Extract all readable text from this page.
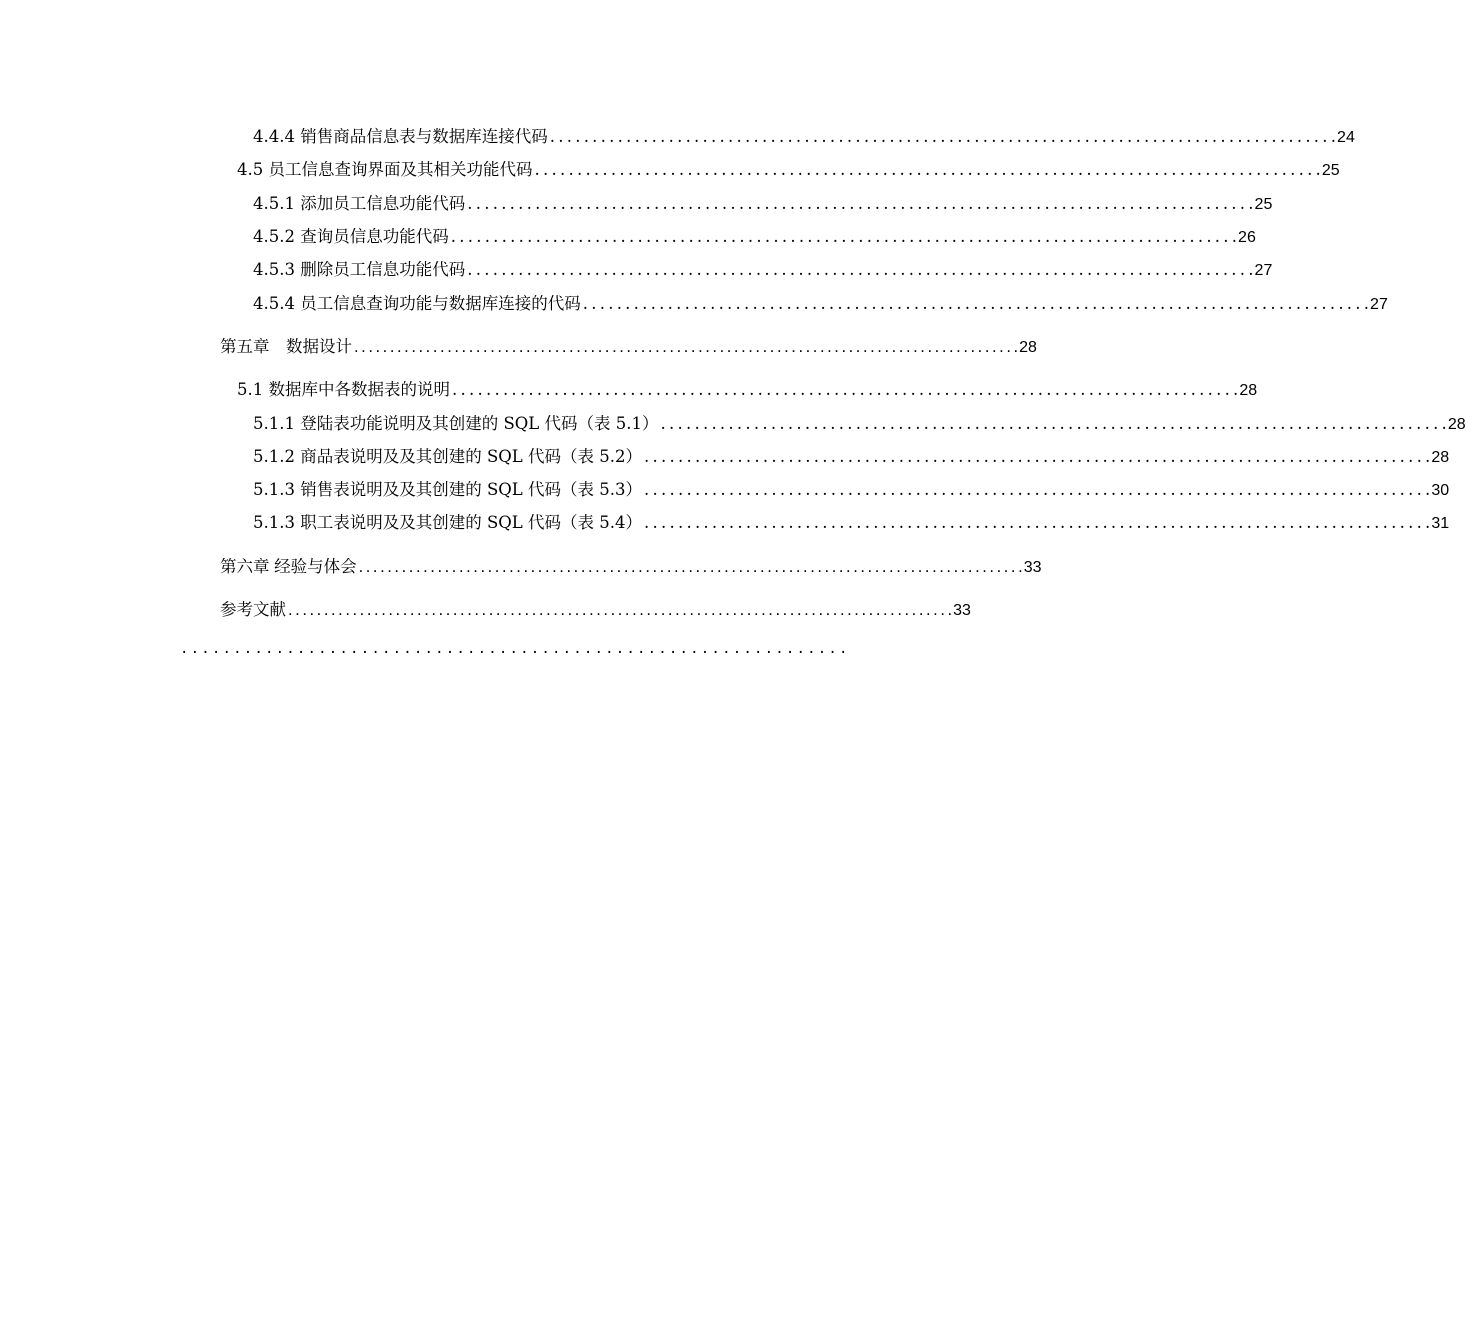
4.4.4 销售商品信息表与数据库连接代码 . . .	24
4.5 员工信息查询界面及其相关功能代码 . . .	25
4.5.1 添加员工信息功能代码 . . .	25
4.5.2 查询员信息功能代码 . . .	26
4.5.3 删除员工信息功能代码 . . .	27
4.5.4 员工信息查询功能与数据库连接的代码 . . .	27
第五章　数据设计 . . .	28
5.1 数据库中各数据表的说明 . . .	28
5.1.1 登陆表功能说明及其创建的 SQL 代码（表 5.1） . . .	28
5.1.2 商品表说明及及其创建的 SQL 代码（表 5.2） . . .	28
5.1.3 销售表说明及及其创建的 SQL 代码（表 5.3） . . .	30
5.1.3 职工表说明及及其创建的 SQL 代码（表 5.4） . . .	31
第六章 经验与体会 . . .	33
参考文献 . . .	33
...............................................................
